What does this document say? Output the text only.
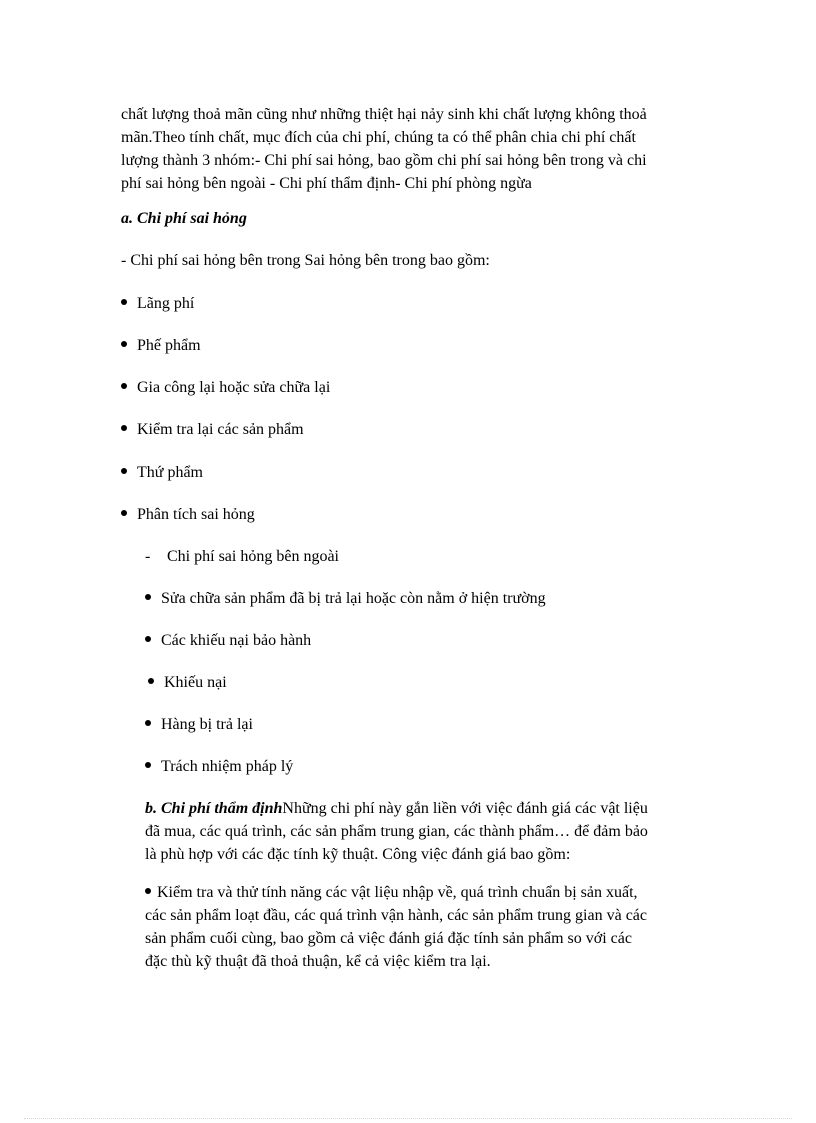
chất lượng thoả mãn cũng như những thiệt hại nảy sinh khi chất lượng không thoả
mãn.Theo tính chất, mục đích của chi phí, chúng ta có thể phân chia chi phí chất
lượng thành 3 nhóm:- Chi phí sai hỏng, bao gồm chi phí sai hỏng bên trong và chi
phí sai hỏng bên ngoài - Chi phí thẩm định- Chi phí phòng ngừa
a. Chi phí sai hỏng
- Chi phí sai hỏng bên trong Sai hỏng bên trong bao gồm:
Lãng phí
Phế phẩm
Gia công lại hoặc sửa chữa lại
Kiểm tra lại các sản phẩm
Thứ phẩm
Phân tích sai hỏng
- Chi phí sai hỏng bên ngoài
Sửa chữa sản phẩm đã bị trả lại hoặc còn nằm ở hiện trường
Các khiếu nại bảo hành
Khiếu nại
Hàng bị trả lại
Trách nhiệm pháp lý
b. Chi phí thẩm địnhNhững chi phí này gắn liền với việc đánh giá các vật liệu
đã mua, các quá trình, các sản phẩm trung gian, các thành phẩm… để đảm bảo
là phù hợp với các đặc tính kỹ thuật. Công việc đánh giá bao gồm:
Kiểm tra và thử tính năng các vật liệu nhập về, quá trình chuẩn bị sản xuất,
các sản phẩm loạt đầu, các quá trình vận hành, các sản phẩm trung gian và các
sản phẩm cuối cùng, bao gồm cả việc đánh giá đặc tính sản phẩm so với các
đặc thù kỹ thuật đã thoả thuận, kể cả việc kiểm tra lại.
